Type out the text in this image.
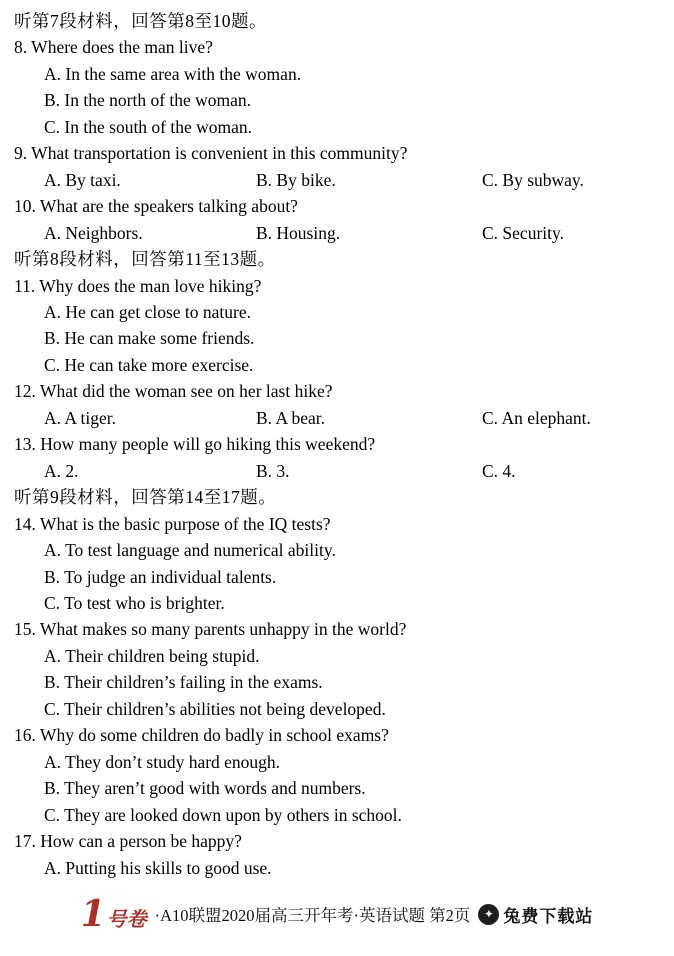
听第7段材料，回答第8至10题。
8. Where does the man live?
A. In the same area with the woman.
B. In the north of the woman.
C. In the south of the woman.
9. What transportation is convenient in this community?
A. By taxi.	B. By bike.	C. By subway.
10. What are the speakers talking about?
A. Neighbors.	B. Housing.	C. Security.
听第8段材料，回答第11至13题。
11. Why does the man love hiking?
A. He can get close to nature.
B. He can make some friends.
C. He can take more exercise.
12. What did the woman see on her last hike?
A. A tiger.	B. A bear.	C. An elephant.
13. How many people will go hiking this weekend?
A. 2.	B. 3.	C. 4.
听第9段材料，回答第14至17题。
14. What is the basic purpose of the IQ tests?
A. To test language and numerical ability.
B. To judge an individual talents.
C. To test who is brighter.
15. What makes so many parents unhappy in the world?
A. Their children being stupid.
B. Their children’s failing in the exams.
C. Their children’s abilities not being developed.
16. Why do some children do badly in school exams?
A. They don’t study hard enough.
B. They aren’t good with words and numbers.
C. They are looked down upon by others in school.
17. How can a person be happy?
A. Putting his skills to good use.
1 号卷 ·A10联盟2020届高三开年考·英语试题 第2页	✦ 兔费下载站
